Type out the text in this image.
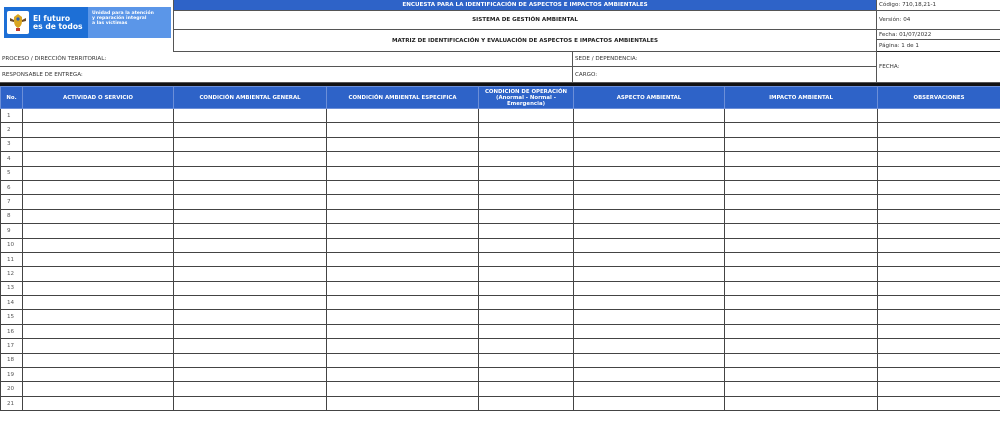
El futuro
es de todos
Unidad para la atención
y reparación integral
a las víctimas
ENCUESTA PARA LA IDENTIFICACIÓN DE ASPECTOS E IMPACTOS AMBIENTALES
SISTEMA DE GESTIÓN AMBIENTAL
MATRIZ DE IDENTIFICACIÓN Y EVALUACIÓN DE ASPECTOS E IMPACTOS AMBIENTALES
Código: 710,18,21-1
Versión: 04
Fecha: 01/07/2022
Página: 1 de 1
PROCESO / DIRECCIÓN TERRITORIAL:	SEDE / DEPENDENCIA:
RESPONSABLE DE ENTREGA:	CARGO:
FECHA:
No.	ACTIVIDAD O SERVICIO	CONDICIÓN AMBIENTAL GENERAL	CONDICIÓN AMBIENTAL ESPECIFICA	CONDICION DE OPERACIÓN (Anormal - Normal - Emergencia)	ASPECTO AMBIENTAL	IMPACTO AMBIENTAL	OBSERVACIONES
1							
2							
3							
4							
5							
6							
7							
8							
9							
10							
11							
12							
13							
14							
15							
16							
17							
18							
19							
20							
21							
